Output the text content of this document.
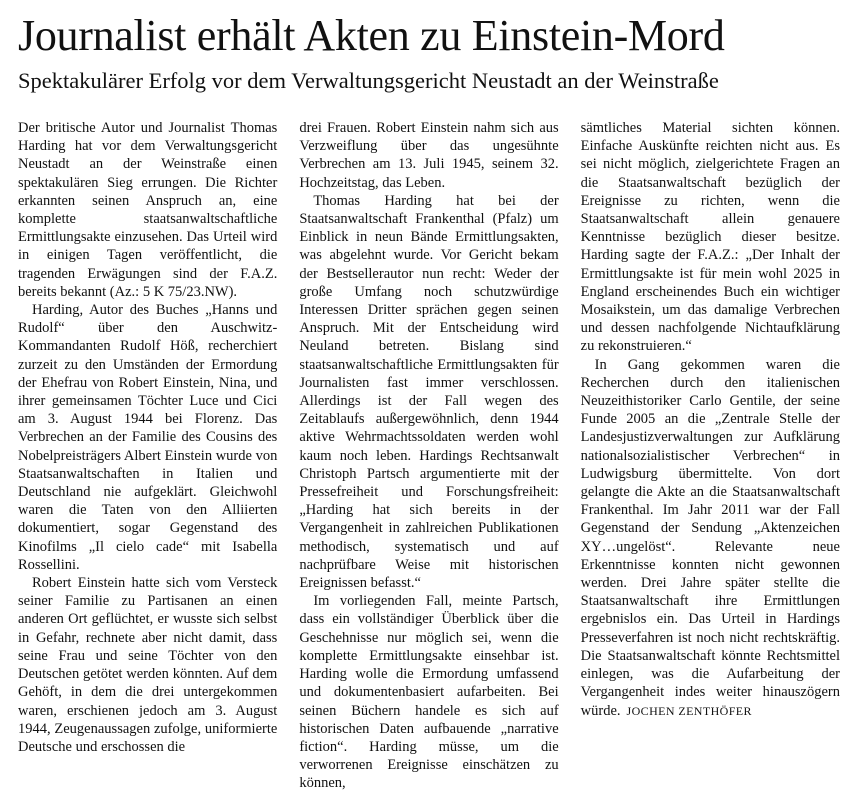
Journalist erhält Akten zu Einstein-Mord
Spektakulärer Erfolg vor dem Verwaltungsgericht Neustadt an der Weinstraße

Der britische Autor und Journalist Thomas Harding hat vor dem Verwaltungsgericht Neustadt an der Weinstraße einen spektakulären Sieg errungen. Die Richter erkannten seinen Anspruch an, eine komplette staatsanwaltschaftliche Ermittlungsakte einzusehen. Das Urteil wird in einigen Tagen veröffentlicht, die tragenden Erwägungen sind der F.A.Z. bereits bekannt (Az.: 5 K 75/23.NW).

Harding, Autor des Buches „Hanns und Rudolf“ über den Auschwitz-Kommandanten Rudolf Höß, recherchiert zurzeit zu den Umständen der Ermordung der Ehefrau von Robert Einstein, Nina, und ihrer gemeinsamen Töchter Luce und Cici am 3. August 1944 bei Florenz. Das Verbrechen an der Familie des Cousins des Nobelpreisträgers Albert Einstein wurde von Staatsanwaltschaften in Italien und Deutschland nie aufgeklärt. Gleichwohl waren die Taten von den Alliierten dokumentiert, sogar Gegenstand des Kinofilms „Il cielo cade“ mit Isabella Rossellini.

Robert Einstein hatte sich vom Versteck seiner Familie zu Partisanen an einen anderen Ort geflüchtet, er wusste sich selbst in Gefahr, rechnete aber nicht damit, dass seine Frau und seine Töchter von den Deutschen getötet werden könnten. Auf dem Gehöft, in dem die drei untergekommen waren, erschienen jedoch am 3. August 1944, Zeugenaussagen zufolge, uniformierte Deutsche und erschossen die

drei Frauen. Robert Einstein nahm sich aus Verzweiflung über das ungesühnte Verbrechen am 13. Juli 1945, seinem 32. Hochzeitstag, das Leben.

Thomas Harding hat bei der Staatsanwaltschaft Frankenthal (Pfalz) um Einblick in neun Bände Ermittlungsakten, was abgelehnt wurde. Vor Gericht bekam der Bestsellerautor nun recht: Weder der große Umfang noch schutzwürdige Interessen Dritter sprächen gegen seinen Anspruch. Mit der Entscheidung wird Neuland betreten. Bislang sind staatsanwaltschaftliche Ermittlungsakten für Journalisten fast immer verschlossen. Allerdings ist der Fall wegen des Zeitablaufs außergewöhnlich, denn 1944 aktive Wehrmachtssoldaten werden wohl kaum noch leben. Hardings Rechtsanwalt Christoph Partsch argumentierte mit der Pressefreiheit und Forschungsfreiheit: „Harding hat sich bereits in der Vergangenheit in zahlreichen Publikationen methodisch, systematisch und auf nachprüfbare Weise mit historischen Ereignissen befasst.“

Im vorliegenden Fall, meinte Partsch, dass ein vollständiger Überblick über die Geschehnisse nur möglich sei, wenn die komplette Ermittlungsakte einsehbar ist. Harding wolle die Ermordung umfassend und dokumentenbasiert aufarbeiten. Bei seinen Büchern handele es sich auf historischen Daten aufbauende „narrative fiction“. Harding müsse, um die verworrenen Ereignisse einschätzen zu können,

sämtliches Material sichten können. Einfache Auskünfte reichten nicht aus. Es sei nicht möglich, zielgerichtete Fragen an die Staatsanwaltschaft bezüglich der Ereignisse zu richten, wenn die Staatsanwaltschaft allein genauere Kenntnisse bezüglich dieser besitze. Harding sagte der F.A.Z.: „Der Inhalt der Ermittlungsakte ist für mein wohl 2025 in England erscheinendes Buch ein wichtiger Mosaikstein, um das damalige Verbrechen und dessen nachfolgende Nichtaufklärung zu rekonstruieren.“

In Gang gekommen waren die Recherchen durch den italienischen Neuzeithistoriker Carlo Gentile, der seine Funde 2005 an die „Zentrale Stelle der Landesjustizverwaltungen zur Aufklärung nationalsozialistischer Verbrechen“ in Ludwigsburg übermittelte. Von dort gelangte die Akte an die Staatsanwaltschaft Frankenthal. Im Jahr 2011 war der Fall Gegenstand der Sendung „Aktenzeichen XY…ungelöst“. Relevante neue Erkenntnisse konnten nicht gewonnen werden. Drei Jahre später stellte die Staatsanwaltschaft ihre Ermittlungen ergebnislos ein. Das Urteil in Hardings Presseverfahren ist noch nicht rechtskräftig. Die Staatsanwaltschaft könnte Rechtsmittel einlegen, was die Aufarbeitung der Vergangenheit indes weiter hinauszögern würde. JOCHEN ZENTHÖFER
